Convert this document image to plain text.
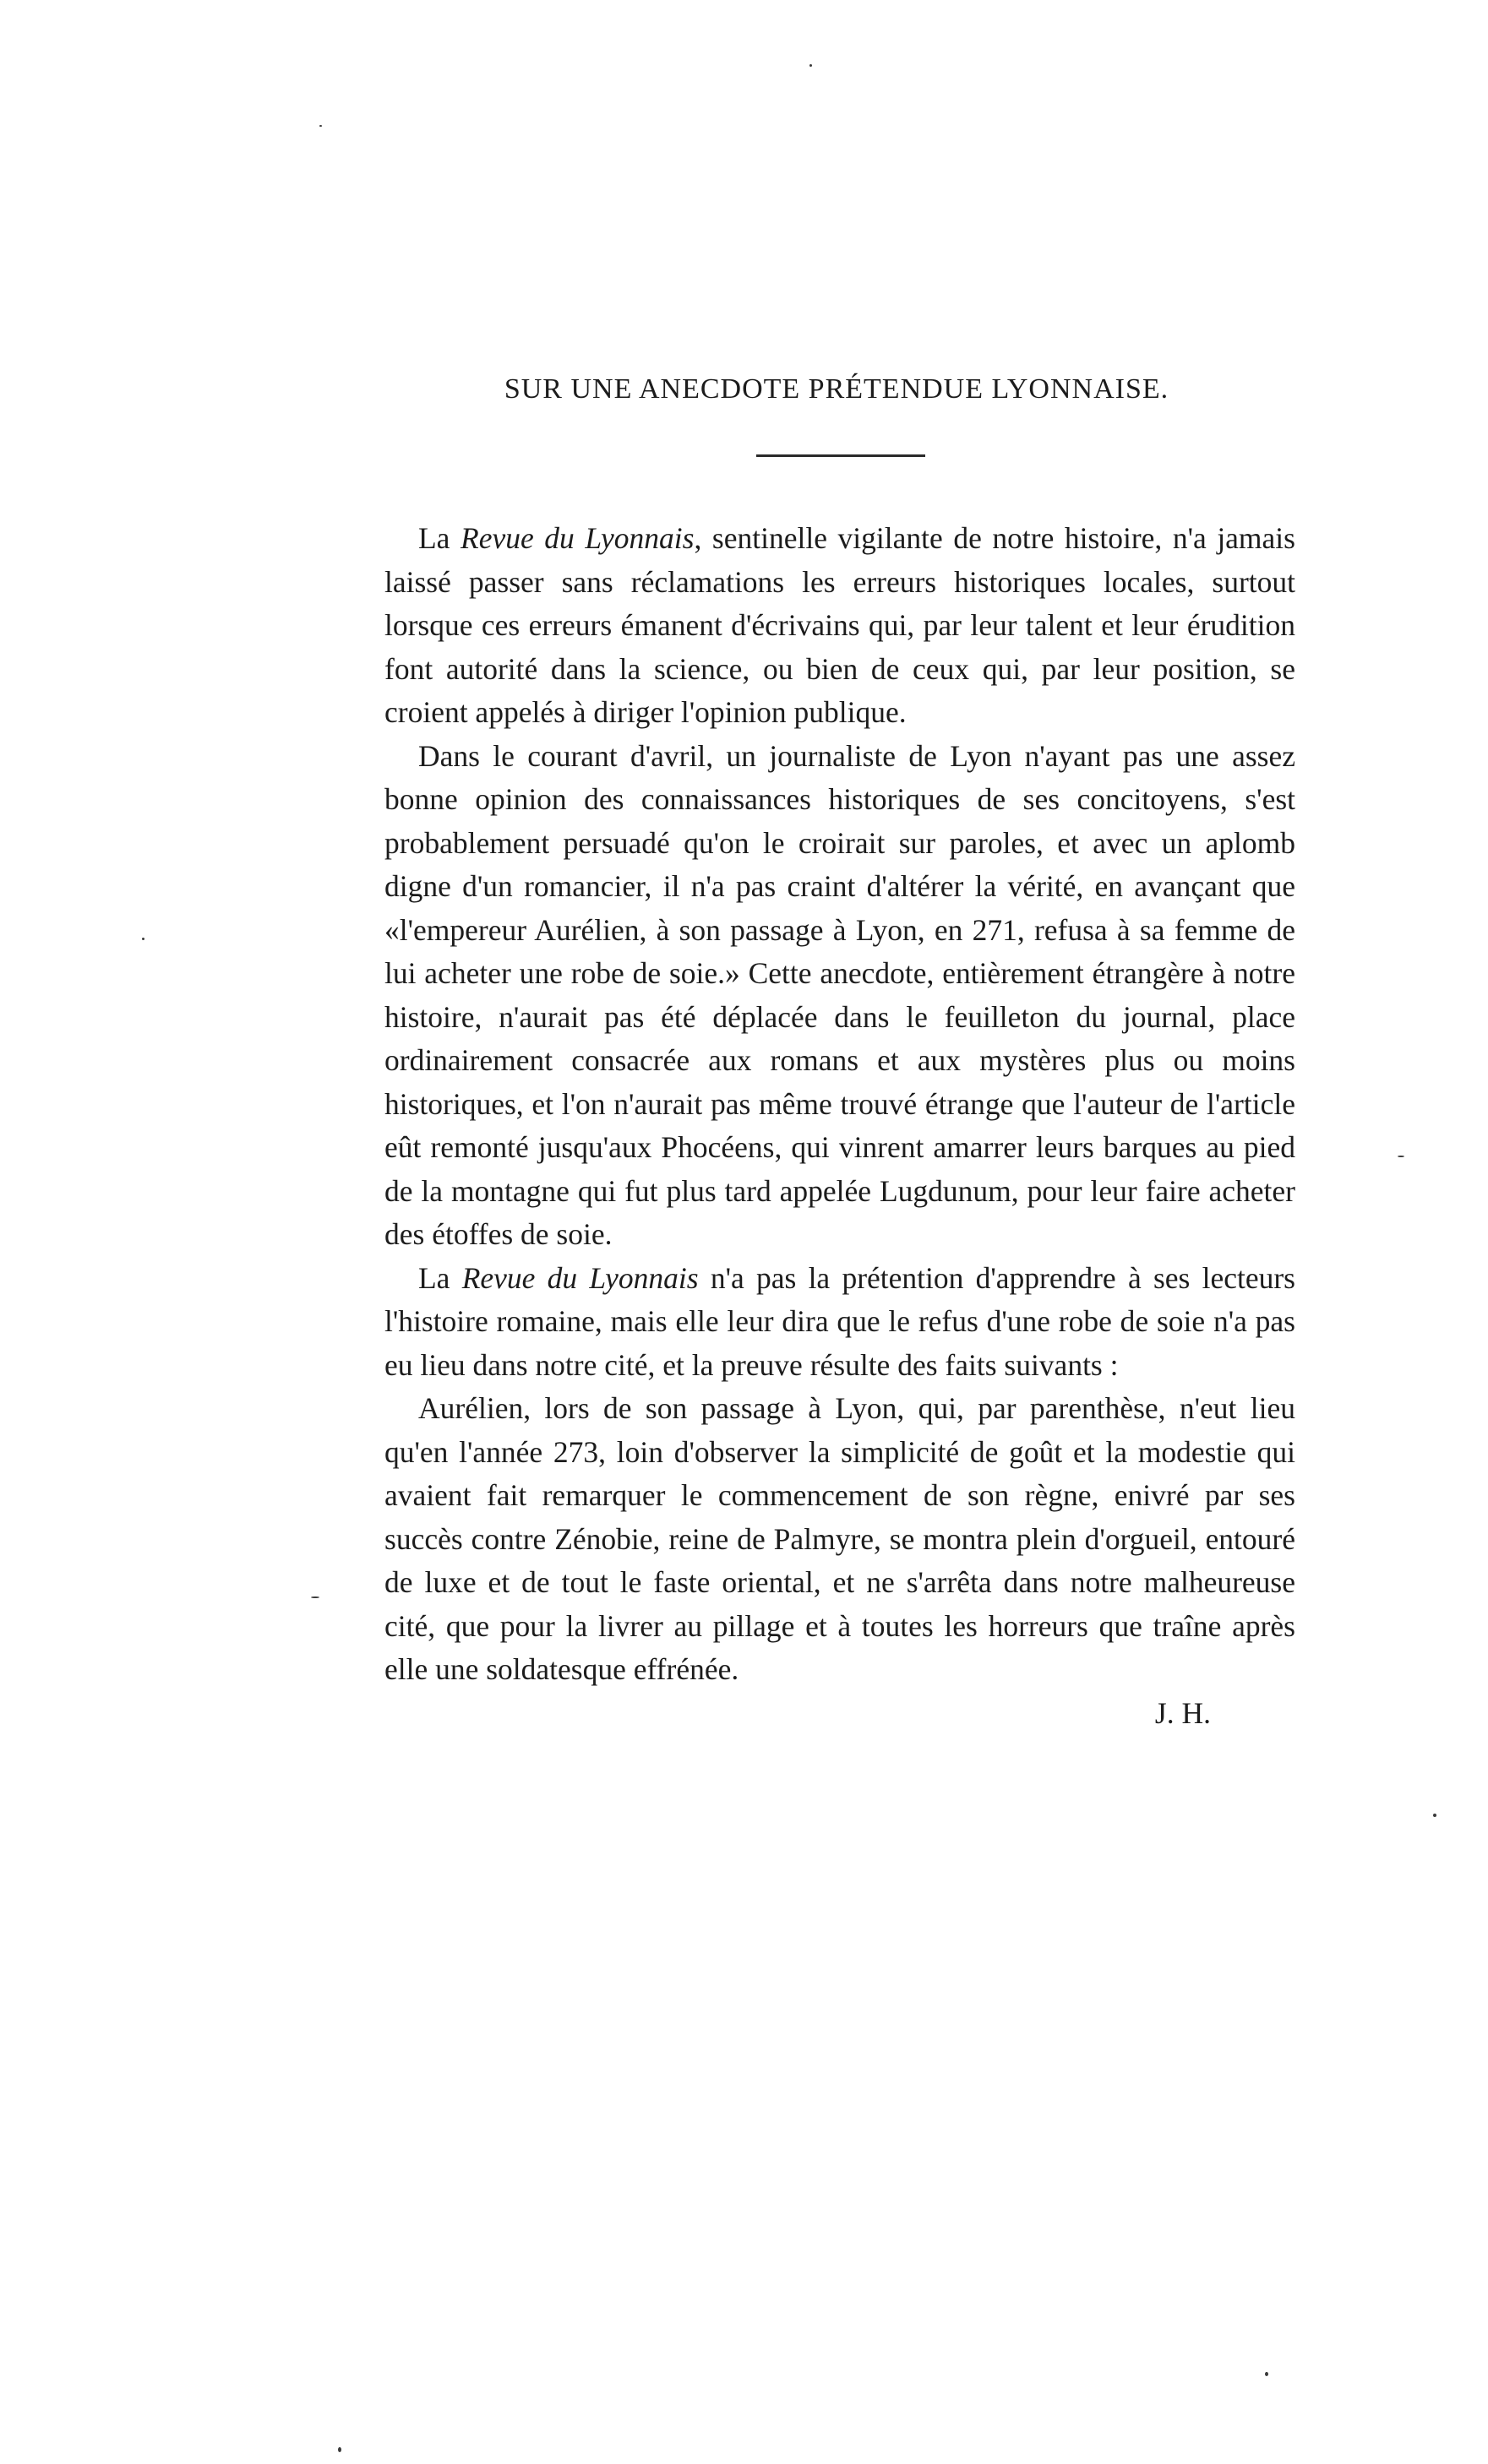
SUR UNE ANECDOTE PRÉTENDUE LYONNAISE.

La Revue du Lyonnais, sentinelle vigilante de notre histoire, n'a jamais laissé passer sans réclamations les erreurs historiques locales, surtout lorsque ces erreurs émanent d'écrivains qui, par leur talent et leur érudition font autorité dans la science, ou bien de ceux qui, par leur position, se croient appelés à diriger l'opinion publique.

Dans le courant d'avril, un journaliste de Lyon n'ayant pas une assez bonne opinion des connaissances historiques de ses concitoyens, s'est probablement persuadé qu'on le croirait sur paroles, et avec un aplomb digne d'un romancier, il n'a pas craint d'altérer la vérité, en avançant que «l'empereur Aurélien, à son passage à Lyon, en 271, refusa à sa femme de lui acheter une robe de soie.» Cette anecdote, entièrement étrangère à notre histoire, n'aurait pas été déplacée dans le feuilleton du journal, place ordinairement consacrée aux romans et aux mystères plus ou moins historiques, et l'on n'aurait pas même trouvé étrange que l'auteur de l'article eût remonté jusqu'aux Phocéens, qui vinrent amarrer leurs barques au pied de la montagne qui fut plus tard appelée Lugdunum, pour leur faire acheter des étoffes de soie.

La Revue du Lyonnais n'a pas la prétention d'apprendre à ses lecteurs l'histoire romaine, mais elle leur dira que le refus d'une robe de soie n'a pas eu lieu dans notre cité, et la preuve résulte des faits suivants :

Aurélien, lors de son passage à Lyon, qui, par parenthèse, n'eut lieu qu'en l'année 273, loin d'observer la simplicité de goût et la modestie qui avaient fait remarquer le commencement de son règne, enivré par ses succès contre Zénobie, reine de Palmyre, se montra plein d'orgueil, entouré de luxe et de tout le faste oriental, et ne s'arrêta dans notre malheureuse cité, que pour la livrer au pillage et à toutes les horreurs que traîne après elle une soldatesque effrénée.

J. H.
